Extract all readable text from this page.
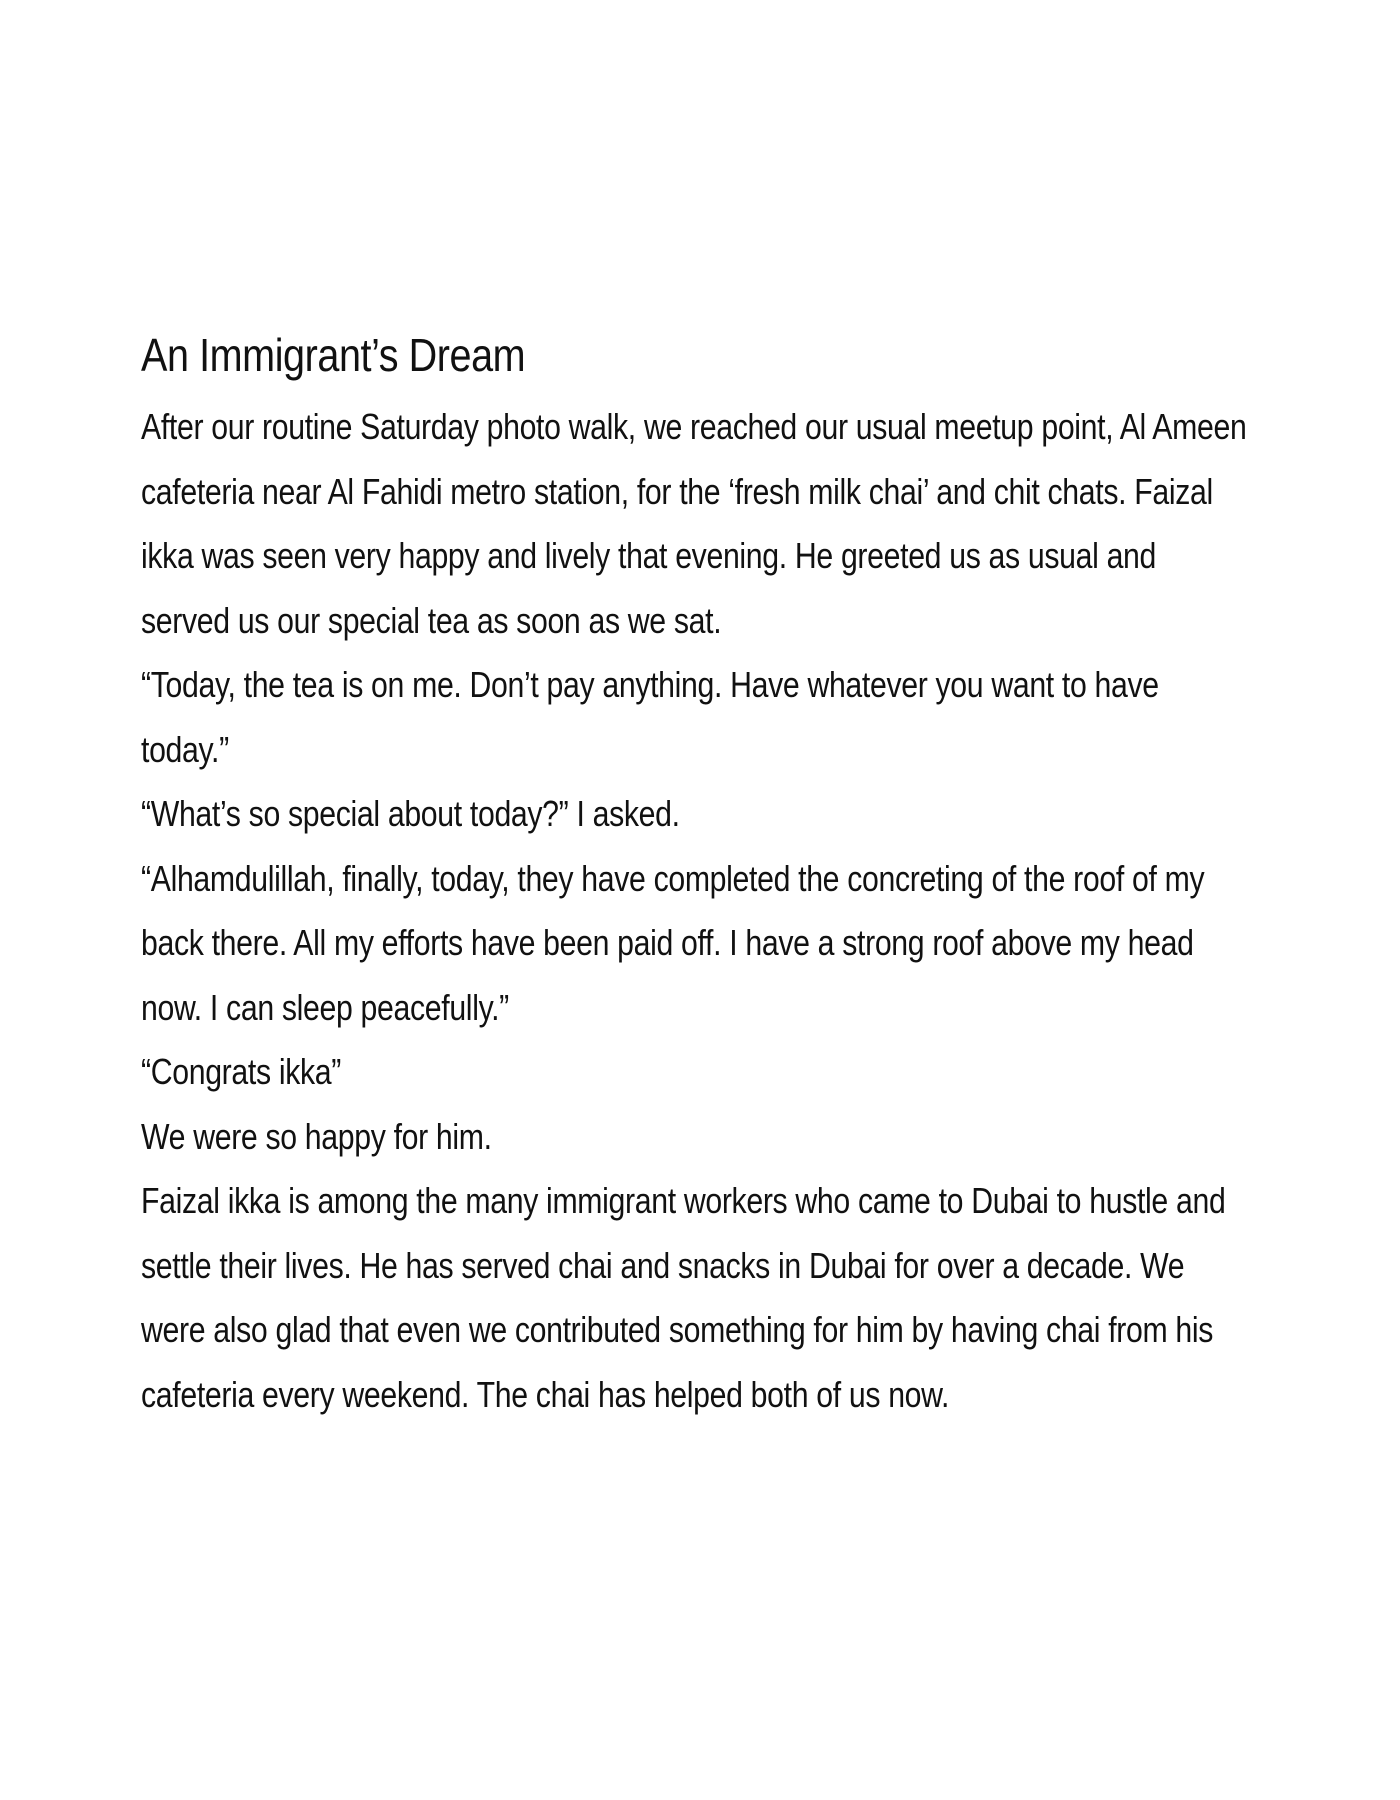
An Immigrant’s Dream

After our routine Saturday photo walk, we reached our usual meetup point, Al Ameen cafeteria near Al Fahidi metro station, for the ‘fresh milk chai’ and chit chats. Faizal ikka was seen very happy and lively that evening. He greeted us as usual and served us our special tea as soon as we sat.

“Today, the tea is on me. Don’t pay anything. Have whatever you want to have today.”

“What’s so special about today?” I asked.

“Alhamdulillah, finally, today, they have completed the concreting of the roof of my back there. All my efforts have been paid off. I have a strong roof above my head now. I can sleep peacefully.”

“Congrats ikka”

We were so happy for him.

Faizal ikka is among the many immigrant workers who came to Dubai to hustle and settle their lives. He has served chai and snacks in Dubai for over a decade. We were also glad that even we contributed something for him by having chai from his cafeteria every weekend. The chai has helped both of us now.
